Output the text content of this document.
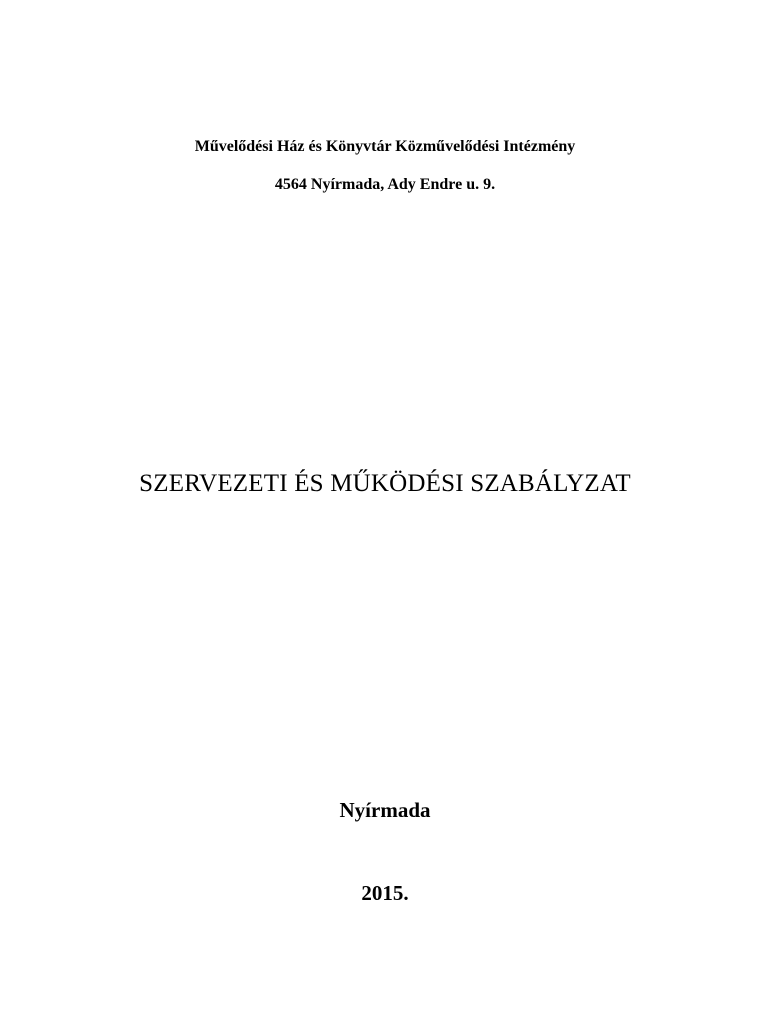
Művelődési Ház és Könyvtár Közművelődési Intézmény

4564 Nyírmada, Ady Endre u. 9.

SZERVEZETI ÉS MŰKÖDÉSI SZABÁLYZAT

Nyírmada

2015.
